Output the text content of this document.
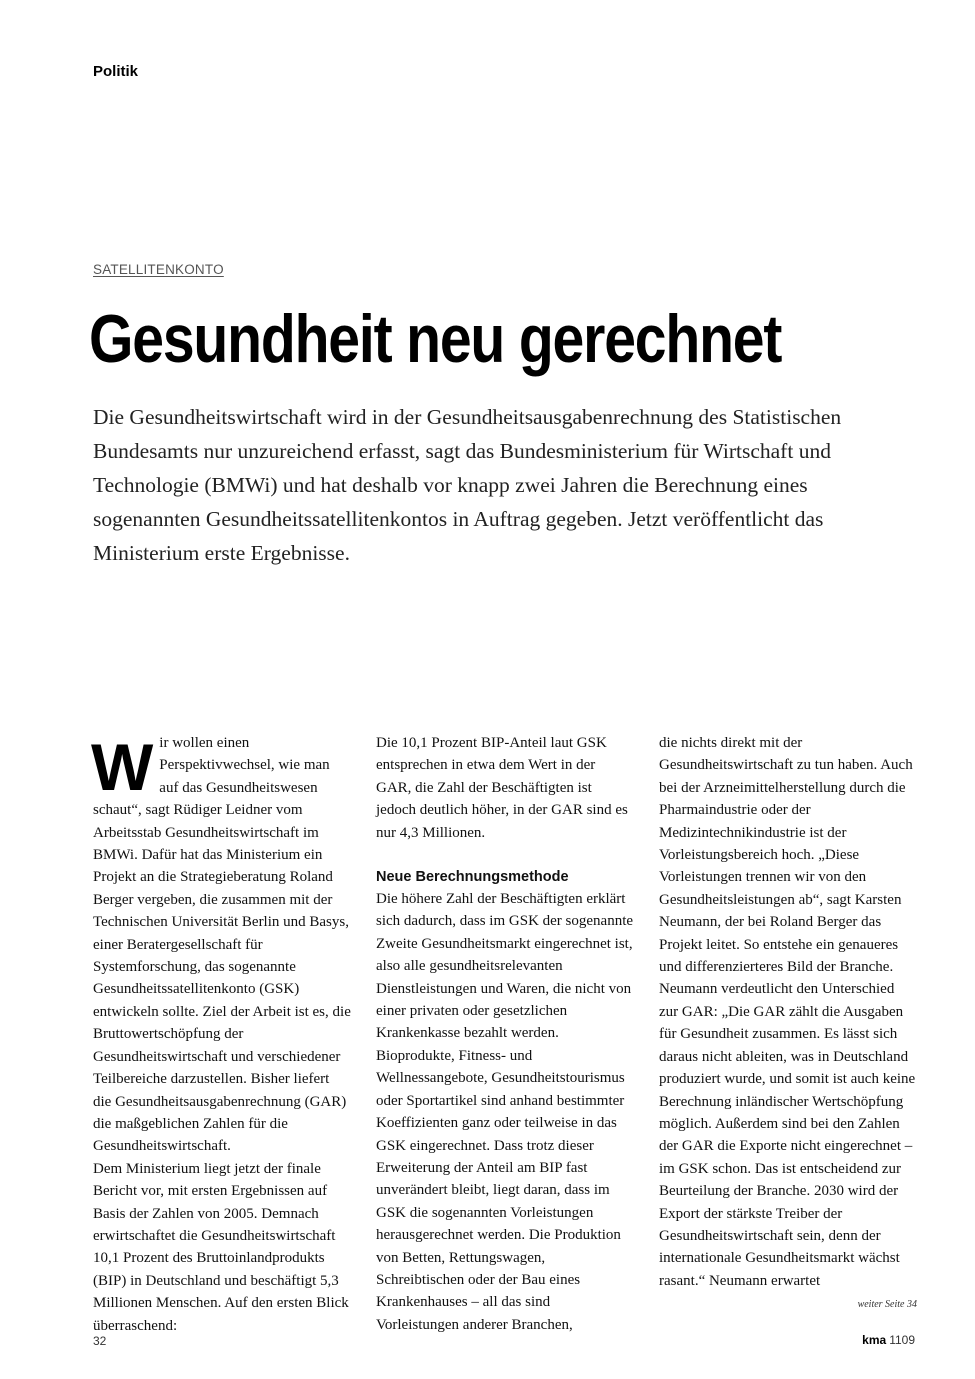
Politik
SATELLITENKONTO
Gesundheit neu gerechnet

Die Gesundheitswirtschaft wird in der Gesundheitsausgabenrechnung des Statistischen Bundesamts nur unzureichend erfasst, sagt das Bundesministerium für Wirtschaft und Technologie (BMWi) und hat deshalb vor knapp zwei Jahren die Berechnung eines sogenannten Gesundheitssatellitenkontos in Auftrag gegeben. Jetzt veröffentlicht das Ministerium erste Ergebnisse.

Wir wollen einen Perspektivwechsel, wie man auf das Gesundheitswesen schaut“, sagt Rüdiger Leidner vom Arbeitsstab Gesundheitswirtschaft im BMWi. Dafür hat das Ministerium ein Projekt an die Strategieberatung Roland Berger vergeben, die zusammen mit der Technischen Universität Berlin und Basys, einer Beratergesellschaft für Systemforschung, das sogenannte Gesundheitssatellitenkonto (GSK) entwickeln sollte. Ziel der Arbeit ist es, die Bruttowertschöpfung der Gesundheitswirtschaft und verschiedener Teilbereiche darzustellen. Bisher liefert die Gesundheitsausgabenrechnung (GAR) die maßgeblichen Zahlen für die Gesundheitswirtschaft.

Dem Ministerium liegt jetzt der finale Bericht vor, mit ersten Ergebnissen auf Basis der Zahlen von 2005. Demnach erwirtschaftet die Gesundheitswirtschaft 10,1 Prozent des Bruttoinlandprodukts (BIP) in Deutschland und beschäftigt 5,3 Millionen Menschen. Auf den ersten Blick überraschend:

Die 10,1 Prozent BIP-Anteil laut GSK entsprechen in etwa dem Wert in der GAR, die Zahl der Beschäftigten ist jedoch deutlich höher, in der GAR sind es nur 4,3 Millionen.

Neue Berechnungsmethode

Die höhere Zahl der Beschäftigten erklärt sich dadurch, dass im GSK der sogenannte Zweite Gesundheitsmarkt eingerechnet ist, also alle gesundheitsrelevanten Dienstleistungen und Waren, die nicht von einer privaten oder gesetzlichen Krankenkasse bezahlt werden. Bioprodukte, Fitness- und Wellnessangebote, Gesundheitstourismus oder Sportartikel sind anhand bestimmter Koeffizienten ganz oder teilweise in das GSK eingerechnet. Dass trotz dieser Erweiterung der Anteil am BIP fast unverändert bleibt, liegt daran, dass im GSK die sogenannten Vorleistungen herausgerechnet werden. Die Produktion von Betten, Rettungswagen, Schreibtischen oder der Bau eines Krankenhauses – all das sind Vorleistungen anderer Branchen,

die nichts direkt mit der Gesundheitswirtschaft zu tun haben. Auch bei der Arzneimittelherstellung durch die Pharmaindustrie oder der Medizintechnikindustrie ist der Vorleistungsbereich hoch. „Diese Vorleistungen trennen wir von den Gesundheitsleistungen ab“, sagt Karsten Neumann, der bei Roland Berger das Projekt leitet. So entstehe ein genaueres und differenzierteres Bild der Branche. Neumann verdeutlicht den Unterschied zur GAR: „Die GAR zählt die Ausgaben für Gesundheit zusammen. Es lässt sich daraus nicht ableiten, was in Deutschland produziert wurde, und somit ist auch keine Berechnung inländischer Wertschöpfung möglich. Außerdem sind bei den Zahlen der GAR die Exporte nicht eingerechnet – im GSK schon. Das ist entscheidend zur Beurteilung der Branche. 2030 wird der Export der stärkste Treiber der Gesundheitswirtschaft sein, denn der internationale Gesundheitsmarkt wächst rasant.“ Neumann erwartet

weiter Seite 34
32	kma 1109
